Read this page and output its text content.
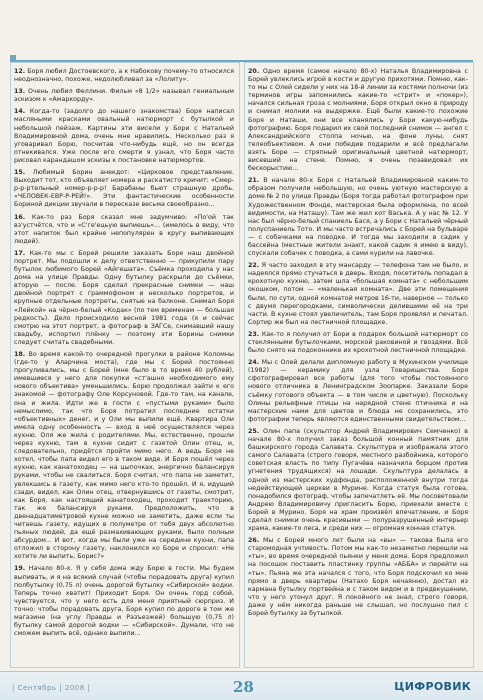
12. Боря любил Достоевского, а к Набокову почему-то относился неоднозначно, похоже, недолюбливал за «Лолиту».

13. Очень любил Феллини. Фильм «8 1/2» называл гениальным эскизом к «Амаркорду».

14. Когда-то (задолго до нашего знакомства) Боря написал масляными красками овальный натюрморт с бутылкой и небольшой пейзаж. Картины эти висели у Бори с Натальей Владимировной дома, очень мне нравились. Несколько раз я уговаривал Борю, посчитав что-нибудь ещё, но он всегда отнекивался. Уже после его смерти я узнал, что Боря часто рисовал карандашом эскизы к постановке натюрмортов.

15. Любимый Борин анекдот: «Цирковое представление. Выходит тот, кто объявляет номера и раскатисто кричит: «Смер-р-р-ртельный номер-р-р-р! Барабаны бьют страшную дробь. «ЧЕЛОВЕК-ЕВР-Р-РЕЙ!». Эти фантастические особенности Бориной дикции звучали в пересказе весьма своеобразно...

16. Как-то раз Боря сказал мне задумчиво: «По'ой так вз'устчётся, что и «С'ге'ецьую выпиешь»... (имелось в виду, что этот напиток был крайне непопулярен в кругу выпивающих людей).

17. Как-то мы с Борей решили заказать Боре наш двойной портрет. Мы подошли к делу ответственно — прикупили пару бутылок любимого Борей «Айгешата». Съёмка проходила у нас дома на улице Правды. Одну бутылку раскрыли до съёмки, вторую — после. Боря сделал прекрасные снимки — наш двойной портрет с граммофоном и несколько портретов, и крупные отдельные портреты, снятые на балконе. Снимал Боря «Лейкой» на чёрно-белый «Кодак» (по тем временам — большая редкость). Дело происходило весной 1981 года (я и сейчас смотрю на этот портрет, а фотограф в ЗАГСе, снимавший нашу свадьбу, испортил плёнку — поэтому эти Борины снимки следует считать свадебными.

18. Во время какой-то очередной прогулки в районе Коломны (где-то у Аларчина моста), где мы с Борей постоянно прогуливались, мы с Борей (мне было в то время 40 рублей), имевшиеся у него для покупки «ст'ашно необходимого ему нового объектива» уменьшились. Борю продолжал зайти к его знакомой — фотографу Оле Корсуновой. Где-то там, на каналe, она и жила. Идти же в гости с «пустыми руками» было немыслимо, так что Боря потратил последние остатки «объективных» денег, и у Оли мы выпили ещё. Квартира Оли имела одну особенность — вход в неё осуществлялся через кухню. Оля же жила с родителями. Мы, естественно, прошли через кухню, там в кухне сидит с газетой Олин отец, и, следовательно, придётся пройти мимо него. А ведь Боря не хотел, чтобы папа видел его в таком виде. И Боря пошёл через кухню, как канатоходец — на цыпочках, энергично балансируя руками, чтобы не свалиться. Боря считал, что папа не заметит, увлекшись в газету, как мимо него кто-то прошёл. И я, идущий сзади, видел, как Олин отец, отвернувшись от газеты, смотрит, как Боря, как настоящий канатоходец, проходит траекторию, так же балансируя руками. Предположить, что в двенадцатиметровой кухне можно не заметить, даже если ты читаешь газету, идущих в полуметре от тебя двух абсолютно пьяных людей, да ещё размахивающих руками, было полным абсурдом... И вот, когда мы были уже на середине кухни, папа отложил в сторону газету, наклонился ко Боре и спросил: «Не хотите ли выпить, Борис?»

19. Начало 80-х. Я у себя дома жду Борю в гости. Мы будем выпивать, и я на всякий случай (чтобы порадовать друга) купил полбутылку (0,75 л) очень дорогой бутылку «Сибирской» водки. Теперь точно хватит! Приходит Боря. Он очень горд собой, чувствуется, что у него есть для меня приятный сюрприз. И точно: чтобы порадовать друга, Боря купил по дороге в том же магазине (на углу Правды и Разъезжей) большую (0,75 л) бутылку самой дорогой водки — «Сибирской». Думали, что не сможем выпить всё, однако выпили...

20. Одно время (самое начало 80-х) Наталья Владимировна с Борей увлеклись игрой в кости и другую прихотями. Помню, как-то мы с Олей сидели у них на 18-й линии за костями полночи (из терминов игры запомнились какие-то «стрит» и «покер»), начался сильная гроза с молниями, Боря открыл окно в природу и снимал молнии на выдержке. Ещё были какие-то похожие Боря и Наташи, они все кланялись у Бори какую-нибудь фотографию. Боря подарил их свой последний снимок — ангел с Александрийского столпа ночью, на фоне луны, снят телеобъективом. А они победив подарили и всё предлагали взять Боре — стряпный оригинальный цветной натюрморт, висевший на стене. Помню, я очень позавидовал их бескорыстию...

21. В начале 80-х Боря с Натальей Владимировной каким-то образом получили небольшую, но очень уютную мастерскую в доме № 2 по улице Правды (Боря тогда работал фотографом при Художественном Фонде, мастерская была оформлена, по всей видимости, на Наташу). Там же жил кот Васька. А у нас № 12. У нас был чёрно-белый спаниель Бася, а у Бори с Натальей чёрный полуспаниель Тото. И мы часто встречались с Борей на бульваре — с собачками на поводке. И тогда мы заходили в садик у бассейна (местные жители знают, какой садик я имею в виду), спускали собачек с поводка, а сами курили на лавочке.

22. Я часто заходил в эту мансарду — телефона там не было, и надеялся прямо стучаться в дверь. Входя, посетитель попадал в крохотную кухню, затем шла «большая комната» с небольшим окошком, потом — «маленькая комната». Две эти помещения были, по сути, одной комнатой метров 16-ти, наверное — только с двумя перегородками, символически делившими её на три части. В кухне стоял увеличитель, там Боря проявлял и печатал. Сортир же был на лестничной площадке.

23. Как-то я получил от Бори в подарок большой натюрморт со стеклянными бутылочками, морской раковиной и гвоздями. Всё было снято на подоконнике их крохотной лестничной площадке.

24. Мы с Олей делали дипломную работу в Мухинском училище (1982) — керамику для узла Товарищества. Боря сфотографировал все работы (для того чтобы постоянного нового отличника в Ленинградском Зоопарке. Заказали Боре съёмку готового объекта — в том числе и цветную). Поскольку Олины рельефные птицы на нарядной стене птичника и на мастерские нами для цветов и блюда не сохранились, это фотографии теперь являются единственными свидетельством...

25. Олин папа (скульптор Андрей Владимирович Семченко) в начале 80-х получил заказ большой конный памятник для башкирского города Салавата. Скульптура и изображала этого самого Салавата (строго говоря, местного разбойника, которого советская власть по типу Пугачёва назначила борцом против угнетения трудящихся) на лошади. Скульптура делалась в одной из мастерских худфонда, расположенной внутри тогда недействующей церкви в Мурине. Когда статуя была готова, понадобился фотограф, чтобы запечатлеть её. Мы посоветовали Андрею Владимировичу пригласить Борю, приехали вместе с Борей в Мурино. Боря на храм произвёл впечатление, и Боря сделал снимки очень красивыми — полуразрушенный интерьер храма, какие-то леса, и среди них — огромная конная статуя.

26. Мы с Борей много лет были на «вы» — такова была его старомодная учтивость. Потом мы как-то незаметно перешли на «ты», во время очередной пьянки у меня дома. Боря предложил на посошок поставить пластинку группы «АББА» и перейти на «ты». Пьяна же эта начался с того, что Боря подскочил ко мне прямо в дверь квартиры (Натахо Боря нечаянно), достал из кармана бутылку портвейна и с таком видом и в предвкушении, что у него утонул друг. Я покойного не знал, строго говоря, даже у нём никогда раньше не слышал, но послушно пил с Борей бутылку за бутылкой.

| Сентябрь | 2008 |	28	ЦИФРОВИК
